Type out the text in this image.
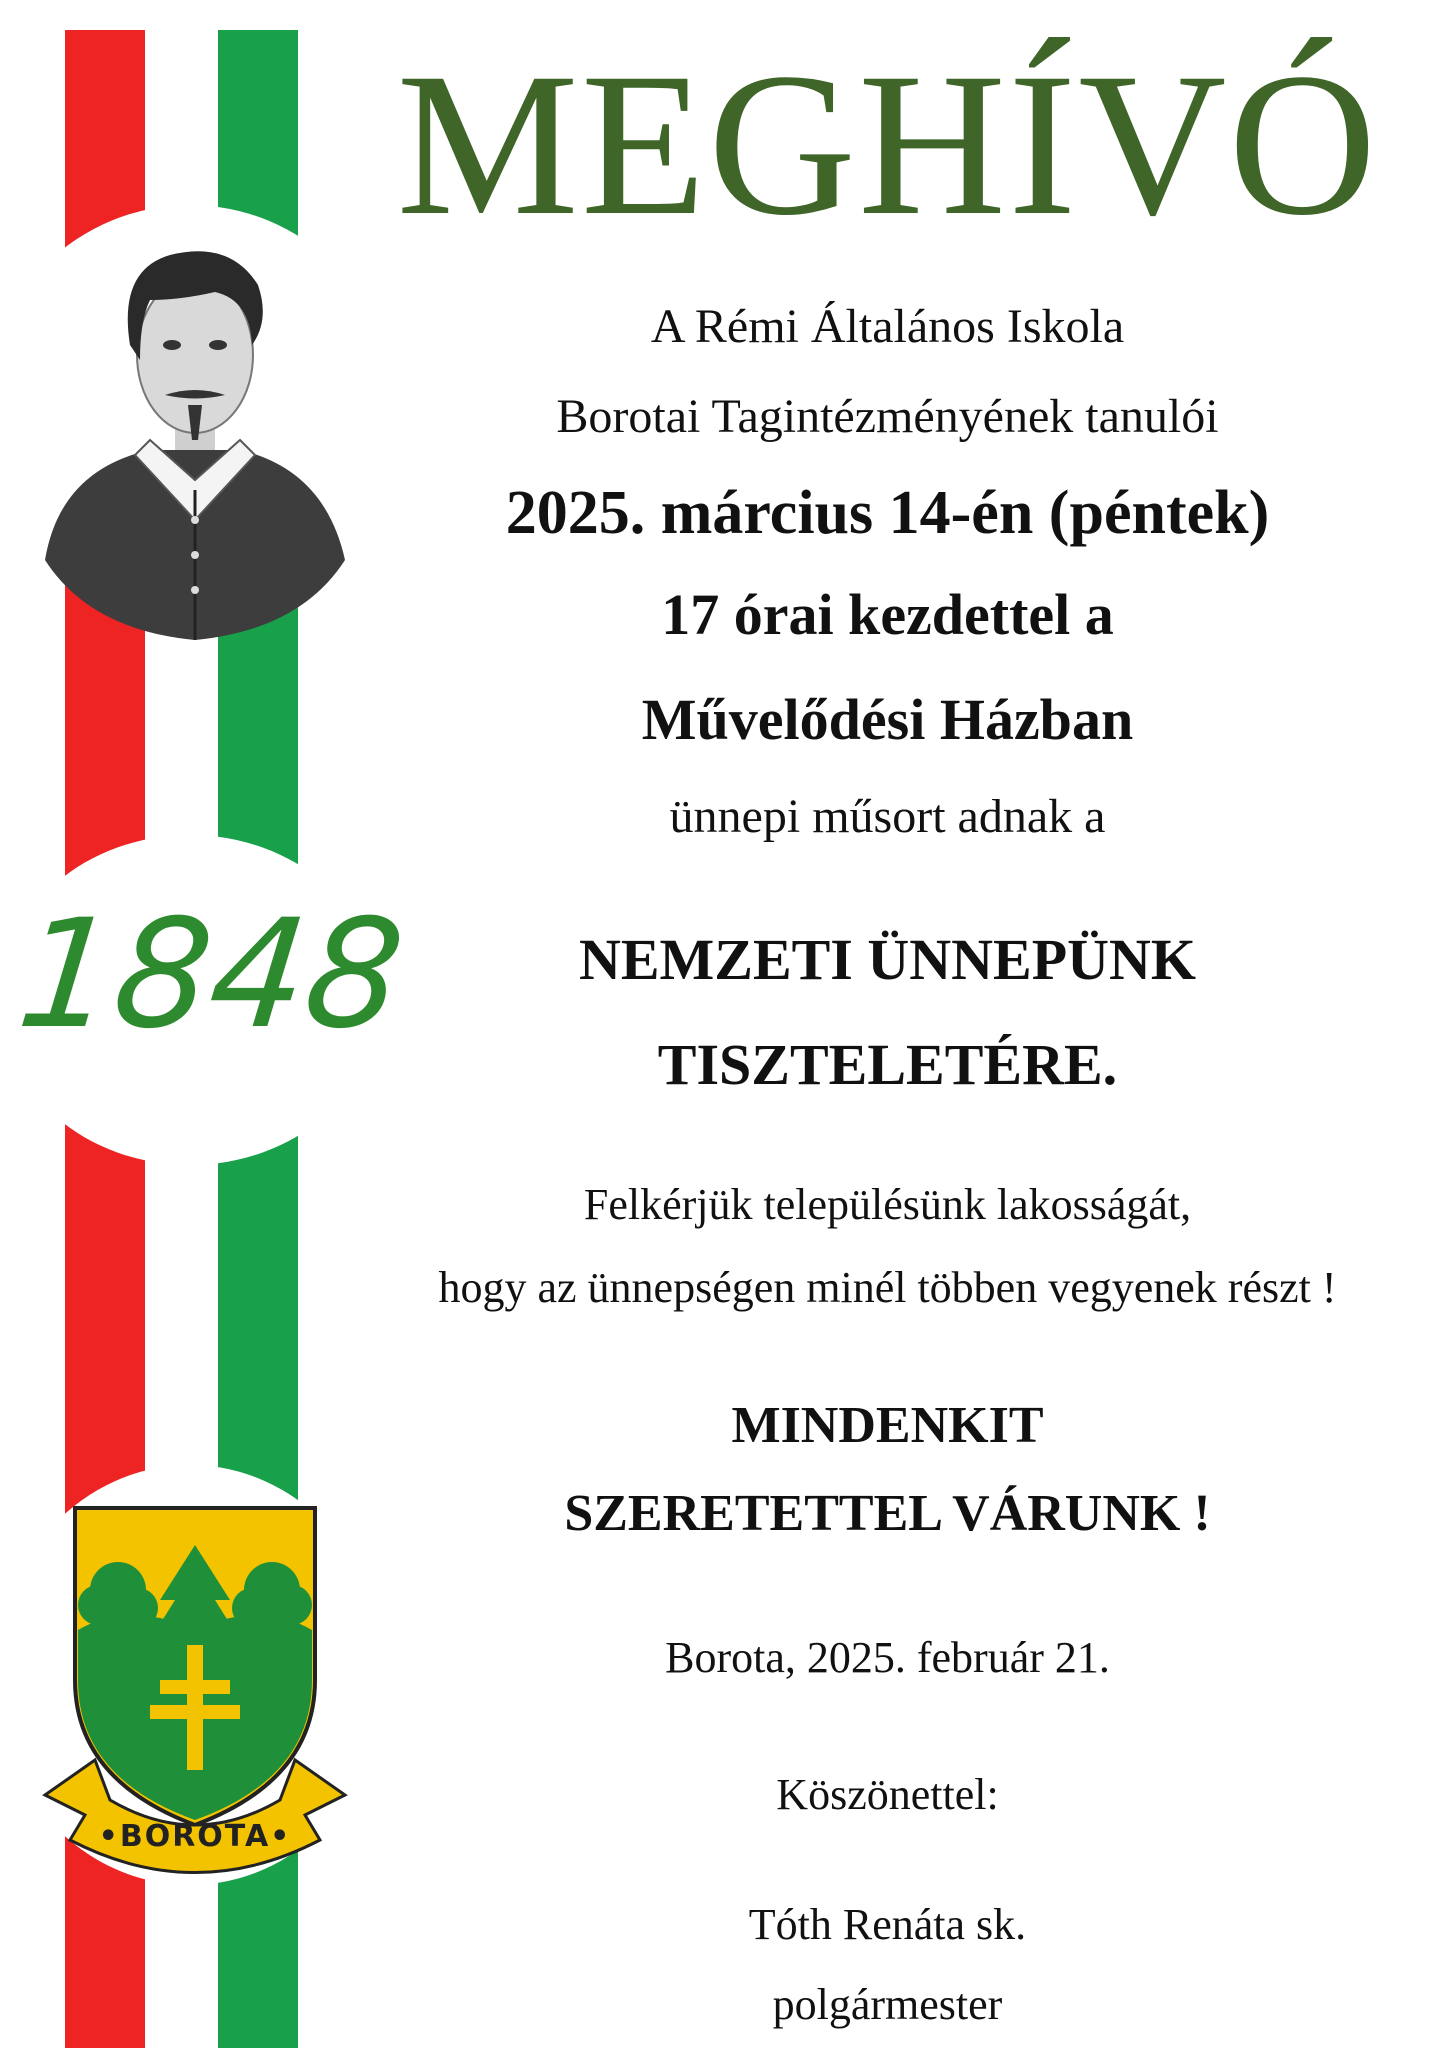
•BOROTA•
1848
MEGHÍVÓ

A Rémi Általános Iskola

Borotai Tagintézményének tanulói

2025. március 14-én (péntek)

17 órai kezdettel a

Művelődési Házban

ünnepi műsort adnak a

NEMZETI ÜNNEPÜNK

TISZTELETÉRE.

Felkérjük településünk lakosságát,

hogy az ünnepségen minél többen vegyenek részt !

MINDENKIT

SZERETETTEL VÁRUNK !

Borota, 2025. február 21.

Köszönettel:

Tóth Renáta sk.

polgármester
